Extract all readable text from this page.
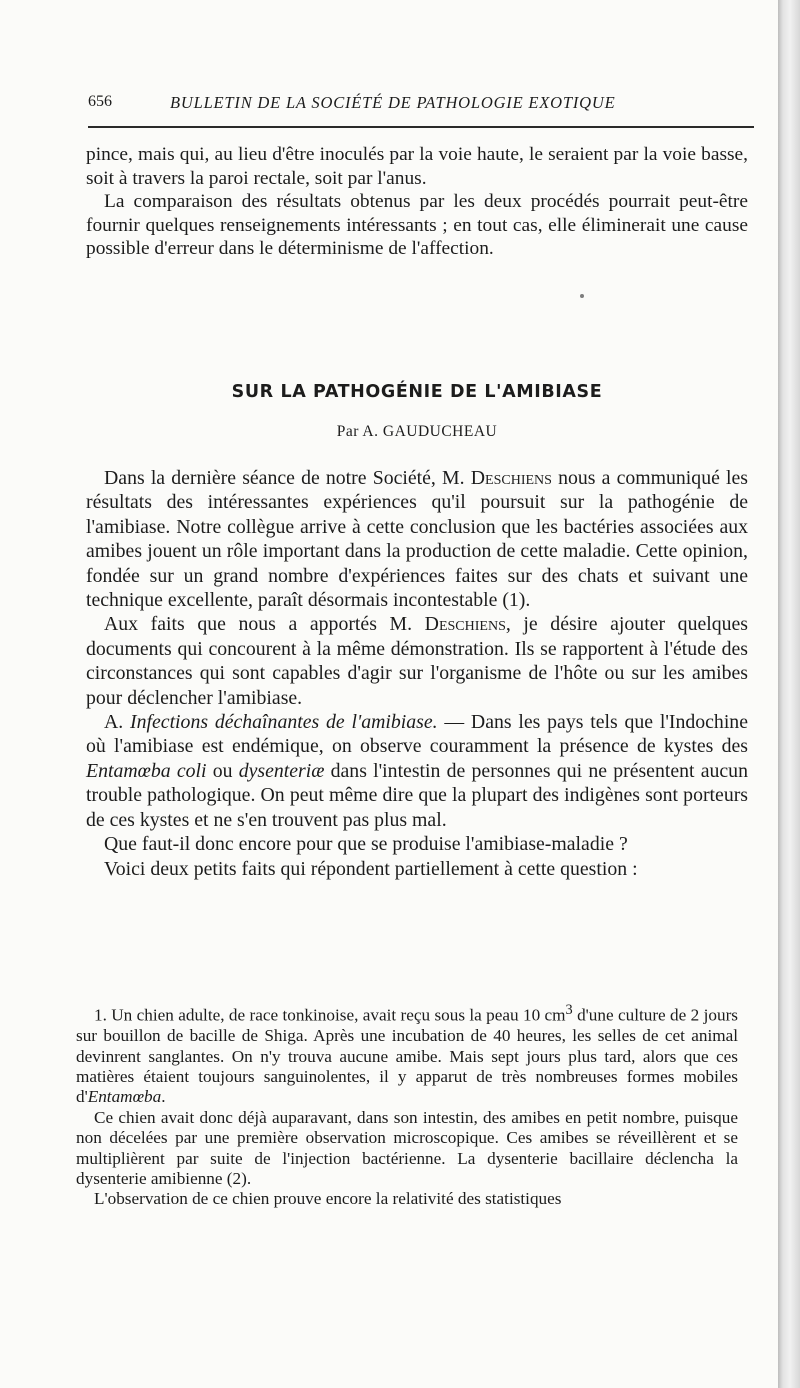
656	BULLETIN DE LA SOCIÉTÉ DE PATHOLOGIE EXOTIQUE

pince, mais qui, au lieu d'être inoculés par la voie haute, le seraient par la voie basse, soit à travers la paroi rectale, soit par l'anus.

La comparaison des résultats obtenus par les deux procédés pourrait peut-être fournir quelques renseignements intéressants ; en tout cas, elle éliminerait une cause possible d'erreur dans le déterminisme de l'affection.

SUR LA PATHOGÉNIE DE L'AMIBIASE
Par A. GAUDUCHEAU

Dans la dernière séance de notre Société, M. Deschiens nous a communiqué les résultats des intéressantes expériences qu'il poursuit sur la pathogénie de l'amibiase. Notre collègue arrive à cette conclusion que les bactéries associées aux amibes jouent un rôle important dans la production de cette maladie. Cette opinion, fondée sur un grand nombre d'expériences faites sur des chats et suivant une technique excellente, paraît désormais incontestable (1).

Aux faits que nous a apportés M. Deschiens, je désire ajouter quelques documents qui concourent à la même démonstration. Ils se rapportent à l'étude des circonstances qui sont capables d'agir sur l'organisme de l'hôte ou sur les amibes pour déclencher l'amibiase.

A. Infections déchaînantes de l'amibiase. — Dans les pays tels que l'Indochine où l'amibiase est endémique, on observe couramment la présence de kystes des Entamœba coli ou dysenteriæ dans l'intestin de personnes qui ne présentent aucun trouble pathologique. On peut même dire que la plupart des indigènes sont porteurs de ces kystes et ne s'en trouvent pas plus mal.

Que faut-il donc encore pour que se produise l'amibiase-maladie ?

Voici deux petits faits qui répondent partiellement à cette question :

1. Un chien adulte, de race tonkinoise, avait reçu sous la peau 10 $cm^3$ d'une culture de 2 jours sur bouillon de bacille de Shiga. Après une incubation de 40 heures, les selles de cet animal devinrent sanglantes. On n'y trouva aucune amibe. Mais sept jours plus tard, alors que ces matières étaient toujours sanguinolentes, il y apparut de très nombreuses formes mobiles d'Entamœba.

Ce chien avait donc déjà auparavant, dans son intestin, des amibes en petit nombre, puisque non décelées par une première observation microscopique. Ces amibes se réveillèrent et se multiplièrent par suite de l'injection bactérienne. La dysenterie bacillaire déclencha la dysenterie amibienne (2).

L'observation de ce chien prouve encore la relativité des statistiques
